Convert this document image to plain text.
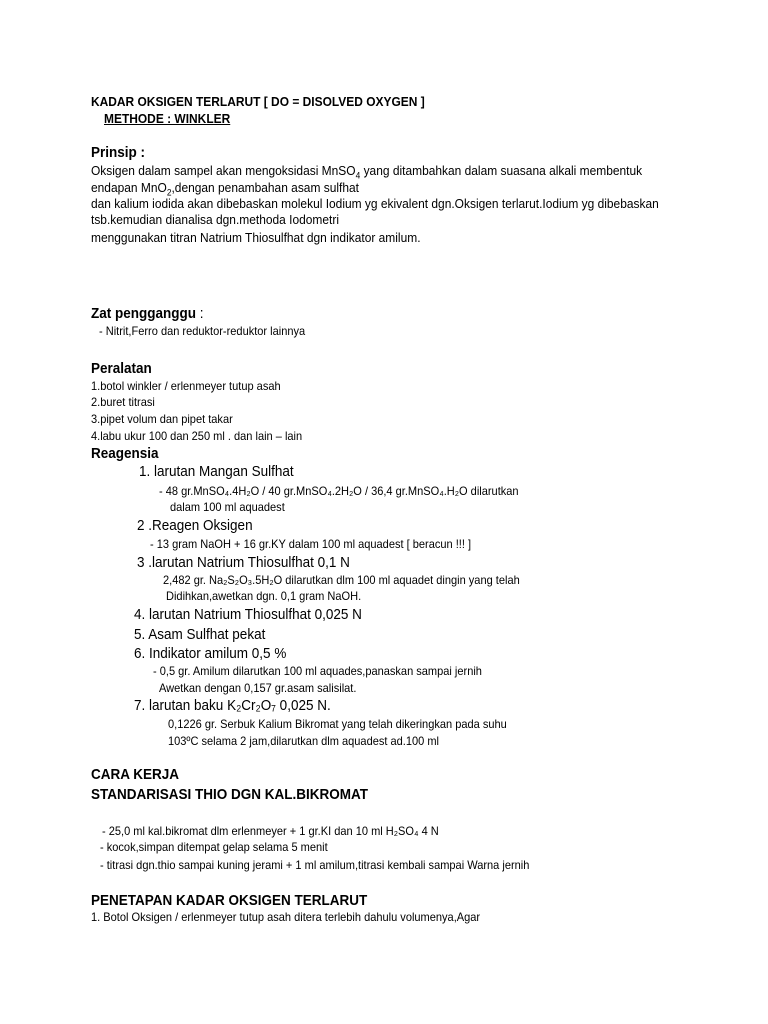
KADAR OKSIGEN TERLARUT [ DO = DISOLVED OXYGEN ]
METHODE : WINKLER
Prinsip :
Oksigen dalam sampel akan mengoksidasi MnSO$_4$ yang ditambahkan dalam suasana alkali membentuk
endapan MnO$_2$,dengan penambahan asam sulfhat
dan kalium iodida akan dibebaskan molekul Iodium yg ekivalent dgn.Oksigen terlarut.Iodium yg dibebaskan
tsb.kemudian dianalisa dgn.methoda Iodometri
menggunakan titran Natrium Thiosulfhat dgn indikator amilum.
Zat pengganggu :
- Nitrit,Ferro dan reduktor-reduktor lainnya
Peralatan
1.botol winkler / erlenmeyer tutup asah
2.buret titrasi
3.pipet volum dan pipet takar
4.labu ukur 100 dan 250 ml . dan lain – lain
Reagensia
1. larutan Mangan Sulfhat
- 48 gr.MnSO₄.4H₂O / 40 gr.MnSO₄.2H₂O / 36,4 gr.MnSO₄.H₂O dilarutkan
dalam 100 ml aquadest
2 .Reagen Oksigen
- 13 gram NaOH + 16 gr.KY dalam 100 ml aquadest [ beracun !!! ]
3 .larutan Natrium Thiosulfhat 0,1 N
2,482 gr. Na₂S₂O₃.5H₂O dilarutkan dlm 100 ml aquadet dingin yang telah
Didihkan,awetkan dgn. 0,1 gram NaOH.
4. larutan Natrium Thiosulfhat 0,025 N
5. Asam Sulfhat pekat
6. Indikator amilum 0,5 %
- 0,5 gr. Amilum dilarutkan 100 ml aquades,panaskan sampai jernih
Awetkan dengan 0,157 gr.asam salisilat.
7. larutan baku K₂Cr₂O₇ 0,025 N.
0,1226 gr. Serbuk Kalium Bikromat yang telah dikeringkan pada suhu
103ºC selama 2 jam,dilarutkan dlm aquadest ad.100 ml
CARA KERJA
STANDARISASI THIO DGN KAL.BIKROMAT
- 25,0 ml kal.bikromat dlm erlenmeyer + 1 gr.KI dan 10 ml H₂SO₄ 4 N
- kocok,simpan ditempat gelap selama 5 menit
- titrasi dgn.thio sampai kuning jerami + 1 ml amilum,titrasi kembali sampai Warna jernih
PENETAPAN KADAR OKSIGEN TERLARUT
1. Botol Oksigen / erlenmeyer tutup asah ditera terlebih dahulu volumenya,Agar
